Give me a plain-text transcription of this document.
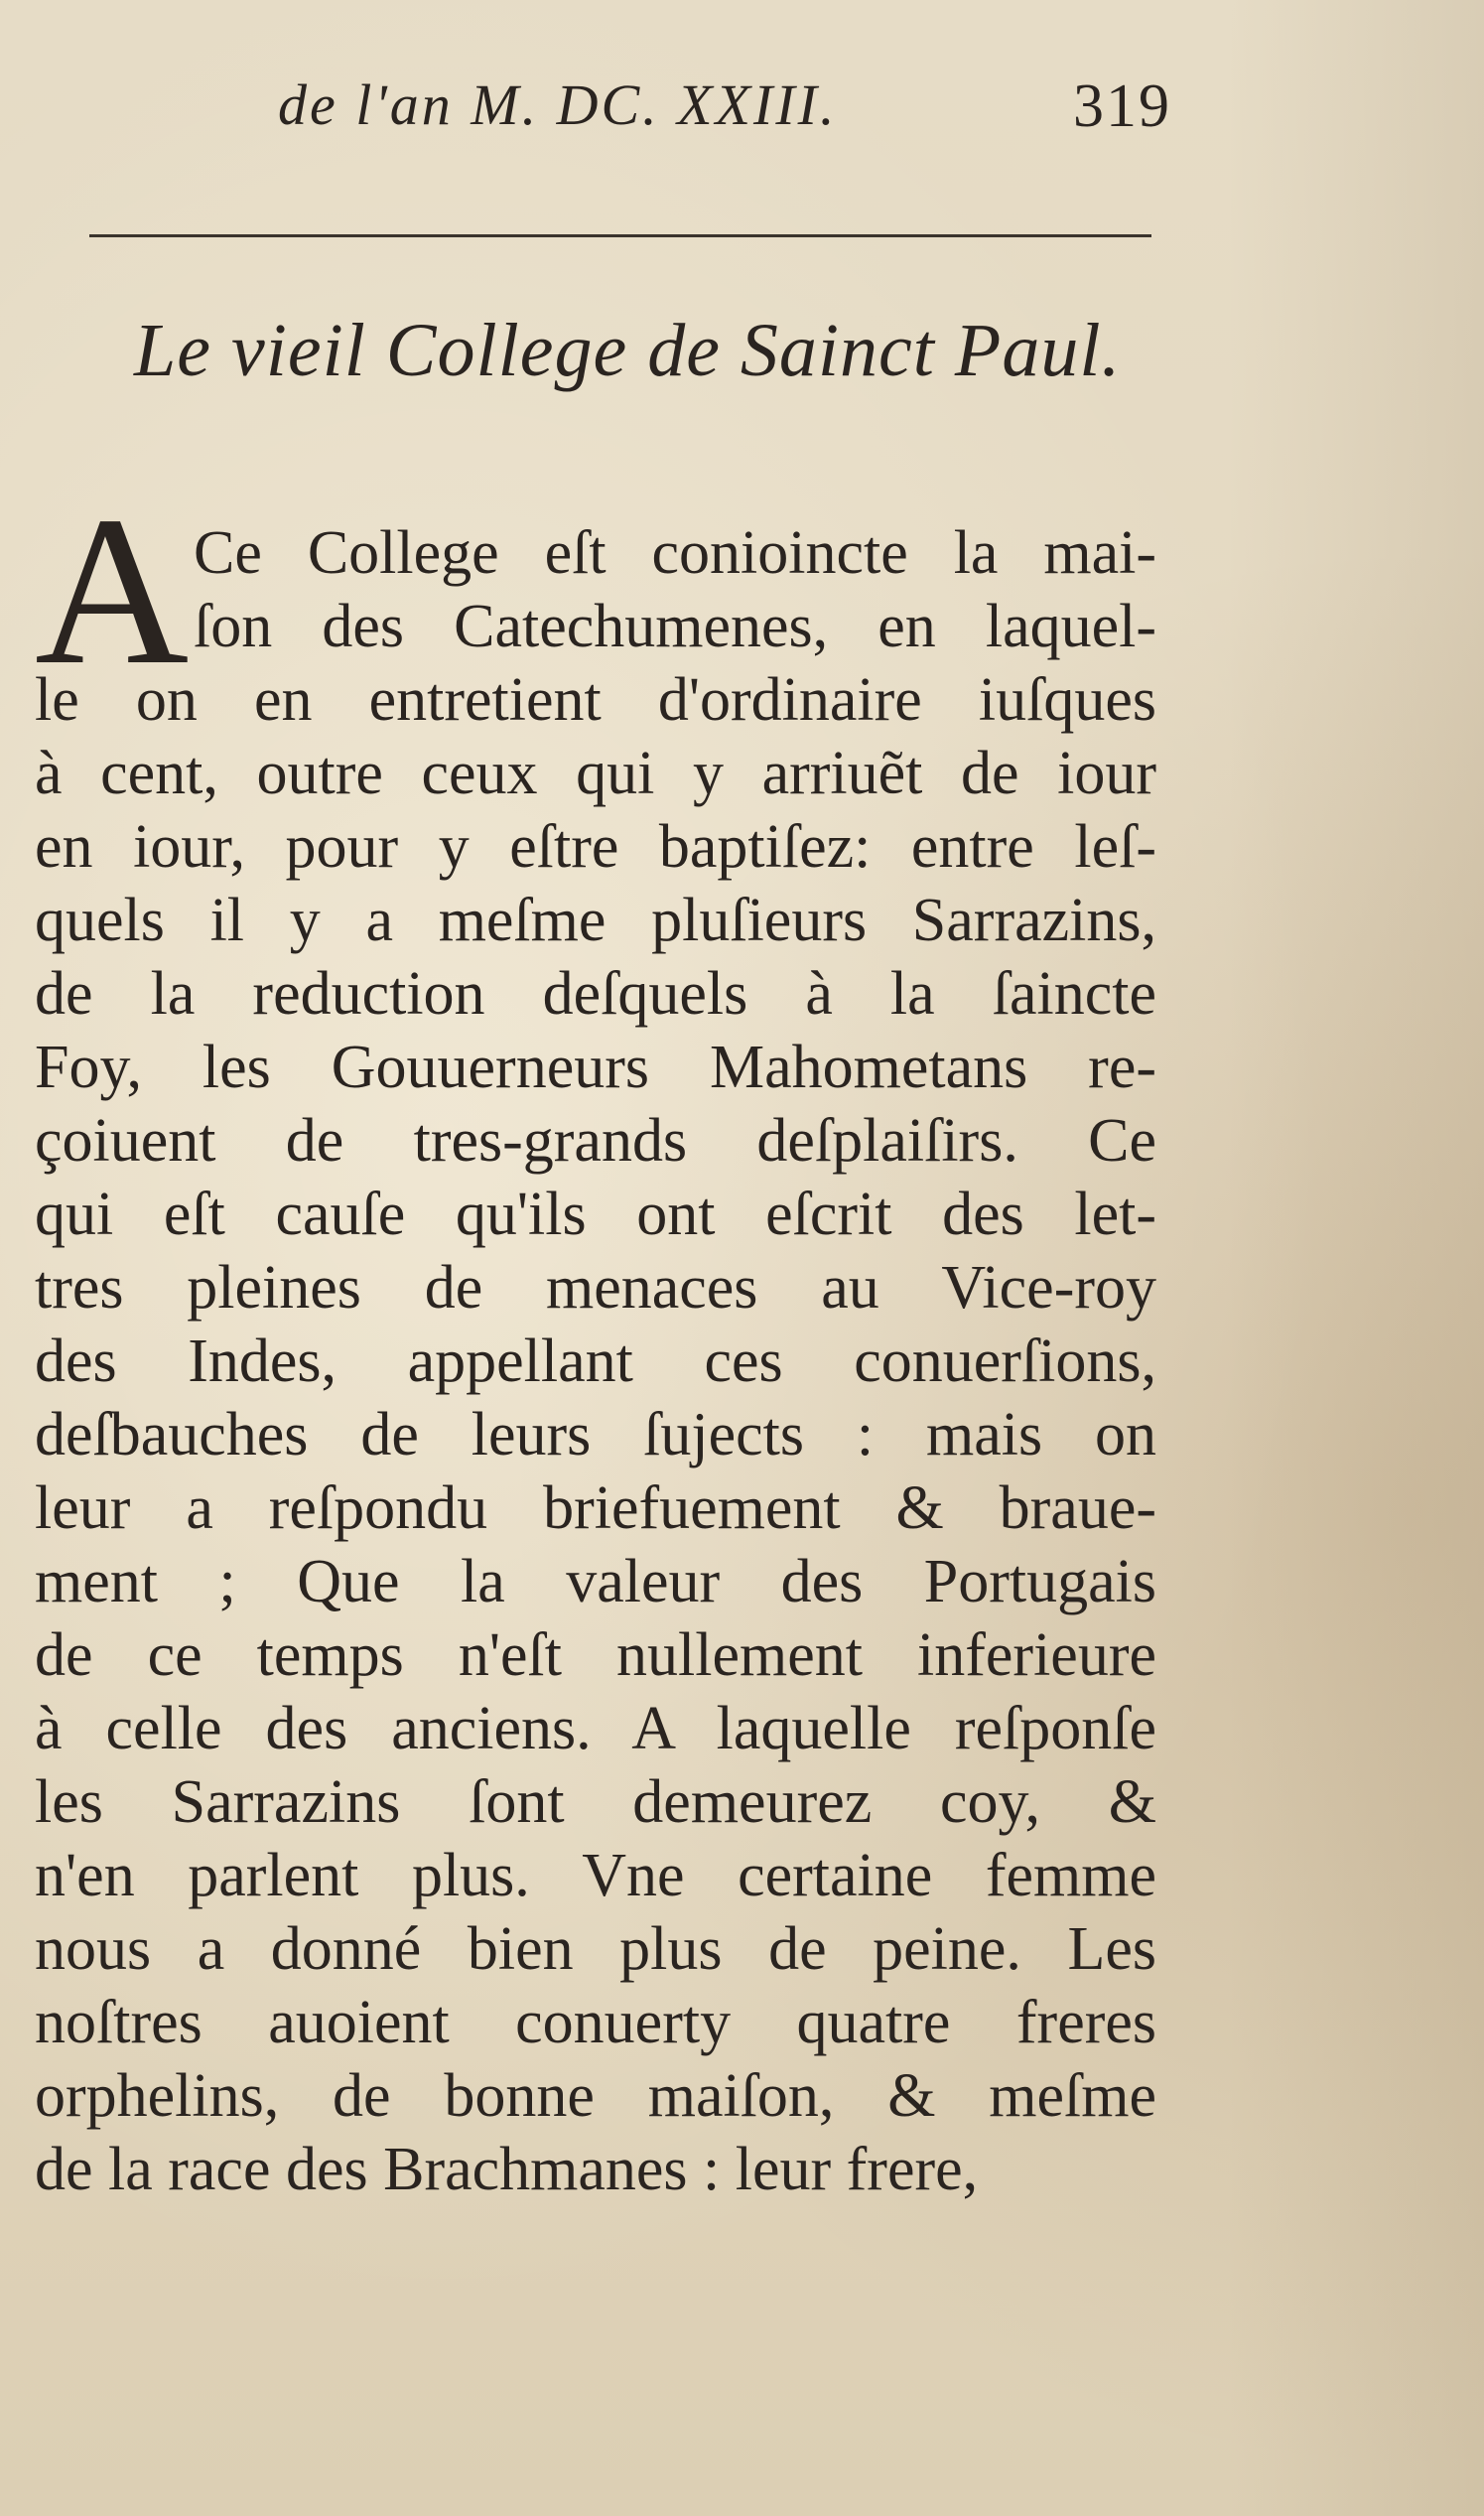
de l'an M. DC. XXIII.	319
Le vieil College de Sainct Paul.
A Ce College eſt conioincte la mai-
ſon des Catechumenes, en laquel-
le on en entretient d'ordinaire iuſques
à cent, outre ceux qui y arriuẽt de iour
en iour, pour y eſtre baptiſez: entre leſ-
quels il y a meſme pluſieurs Sarrazins,
de la reduction deſquels à la ſaincte
Foy, les Gouuerneurs Mahometans re-
çoiuent de tres-grands deſplaiſirs. Ce
qui eſt cauſe qu'ils ont eſcrit des let-
tres pleines de menaces au Vice-roy
des Indes, appellant ces conuerſions,
deſbauches de leurs ſujects : mais on
leur a reſpondu briefuement & braue-
ment ; Que la valeur des Portugais
de ce temps n'eſt nullement inferieure
à celle des anciens. A laquelle reſponſe
les Sarrazins ſont demeurez coy, &
n'en parlent plus. Vne certaine femme
nous a donné bien plus de peine. Les
noſtres auoient conuerty quatre freres
orphelins, de bonne maiſon, & meſme
de la race des Brachmanes : leur frere,
